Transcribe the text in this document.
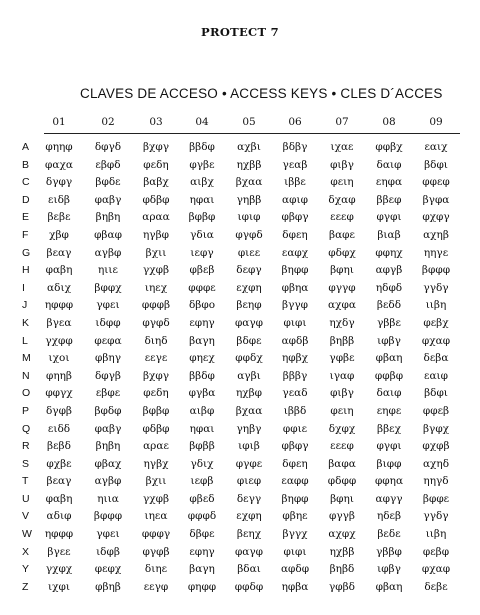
PROTECT 7
CLAVES DE ACCESO • ACCESS KEYS • CLES D´ACCES
01	02	03	04	05	06	07	08	09
A	φηηφ	δφγδ	βχφγ	ββδφ	αχβι	βδβγ	ιχαε	φφβχ	εαιχ
B	φαχα	εβφδ	φεδη	φγβε	ηχββ	γεαβ	φιβγ	δαιφ	βδφι
C	δγφγ	βφδε	βαβχ	αιβχ	βχαα	ιββε	φειη	εηφα	φφεφ
D	ειδβ	φαβγ	φδβφ	ηφαι	γηββ	αφιφ	δχαφ	ββεφ	βγφα
E	βεβε	βηβη	αραα	βφβφ	ιφιφ	φβφγ	εεεφ	φγφι	φχφγ
F	χβφ	φβαφ	ηγβφ	γδια	φγφδ	δφεη	βαφε	βιαβ	αχηβ
G	βεαγ	αγβφ	βχιι	ιεφγ	φιεε	εαφχ	φδφχ	φφηχ	ηηγε
H	φαβη	ηιιε	γχφβ	φβεβ	δεφγ	βηφφ	βφηι	αφγβ	βφφφ
I	αδιχ	βφφχ	ιηεχ	φφφε	εχφη	φβηα	φγγφ	ηδφδ	γγδγ
J	ηφφφ	γφει	φφφβ	δβφο	βεηφ	βγγφ	αχφα	βεδδ	ιιβη
K	βγεα	ιδφφ	φγφδ	εφηγ	φαγφ	φιφι	ηχδγ	γββε	φεβχ
L	γχφφ	φεφα	διηδ	βαγη	βδφε	αφδβ	βηββ	ιφβγ	φχαφ
M	ιχοι	φβηγ	εεγε	φηεχ	φφδχ	ηφβχ	γφβε	φβαη	δεβα
N	φηηβ	δφγβ	βχφγ	ββδφ	αγβι	βββγ	ιγαφ	φφβφ	εαιφ
O	φφγχ	εβφε	φεδη	φγβα	ηχβφ	γεαδ	φιβγ	δαιφ	βδφι
P	δγφβ	βφδφ	βφβφ	αιβφ	βχαα	ιββδ	φειη	εηφε	φφεβ
Q	ειδδ	φαβγ	φδβφ	ηφαι	γηβγ	φφιε	δχφχ	ββεχ	βγφχ
R	βεβδ	βηβη	αραε	βφββ	ιφιβ	φβφγ	εεεφ	φγφι	φχφβ
S	φχβε	φβαχ	ηγβχ	γδιχ	φγφε	δφεη	βαφα	βιφφ	αχηδ
T	βεαγ	αγβφ	βχιι	ιεφβ	φιεφ	εαφφ	φδφφ	φφηα	ηηγδ
U	φαβη	ηιια	γχφβ	φβεδ	δεγγ	βηφφ	βφηι	αφγγ	βφφε
V	αδιφ	βφφφ	ιηεα	φφφδ	εχφη	φβηε	φγγβ	ηδεβ	γγδγ
W	ηφφφ	γφει	φφφγ	δβφε	βεηχ	βγγχ	αχφχ	βεδε	ιιβη
X	βγεε	ιδφβ	φγφβ	εφηγ	φαγφ	φιφι	ηχββ	γββφ	φεβφ
Y	γχφχ	φεφχ	διηε	βαγη	βδαι	αφδφ	βηβδ	ιφβγ	φχαφ
Z	ιχφι	φβηβ	εεγφ	φηφφ	φφδφ	ηφβα	γφβδ	φβαη	δεβε
